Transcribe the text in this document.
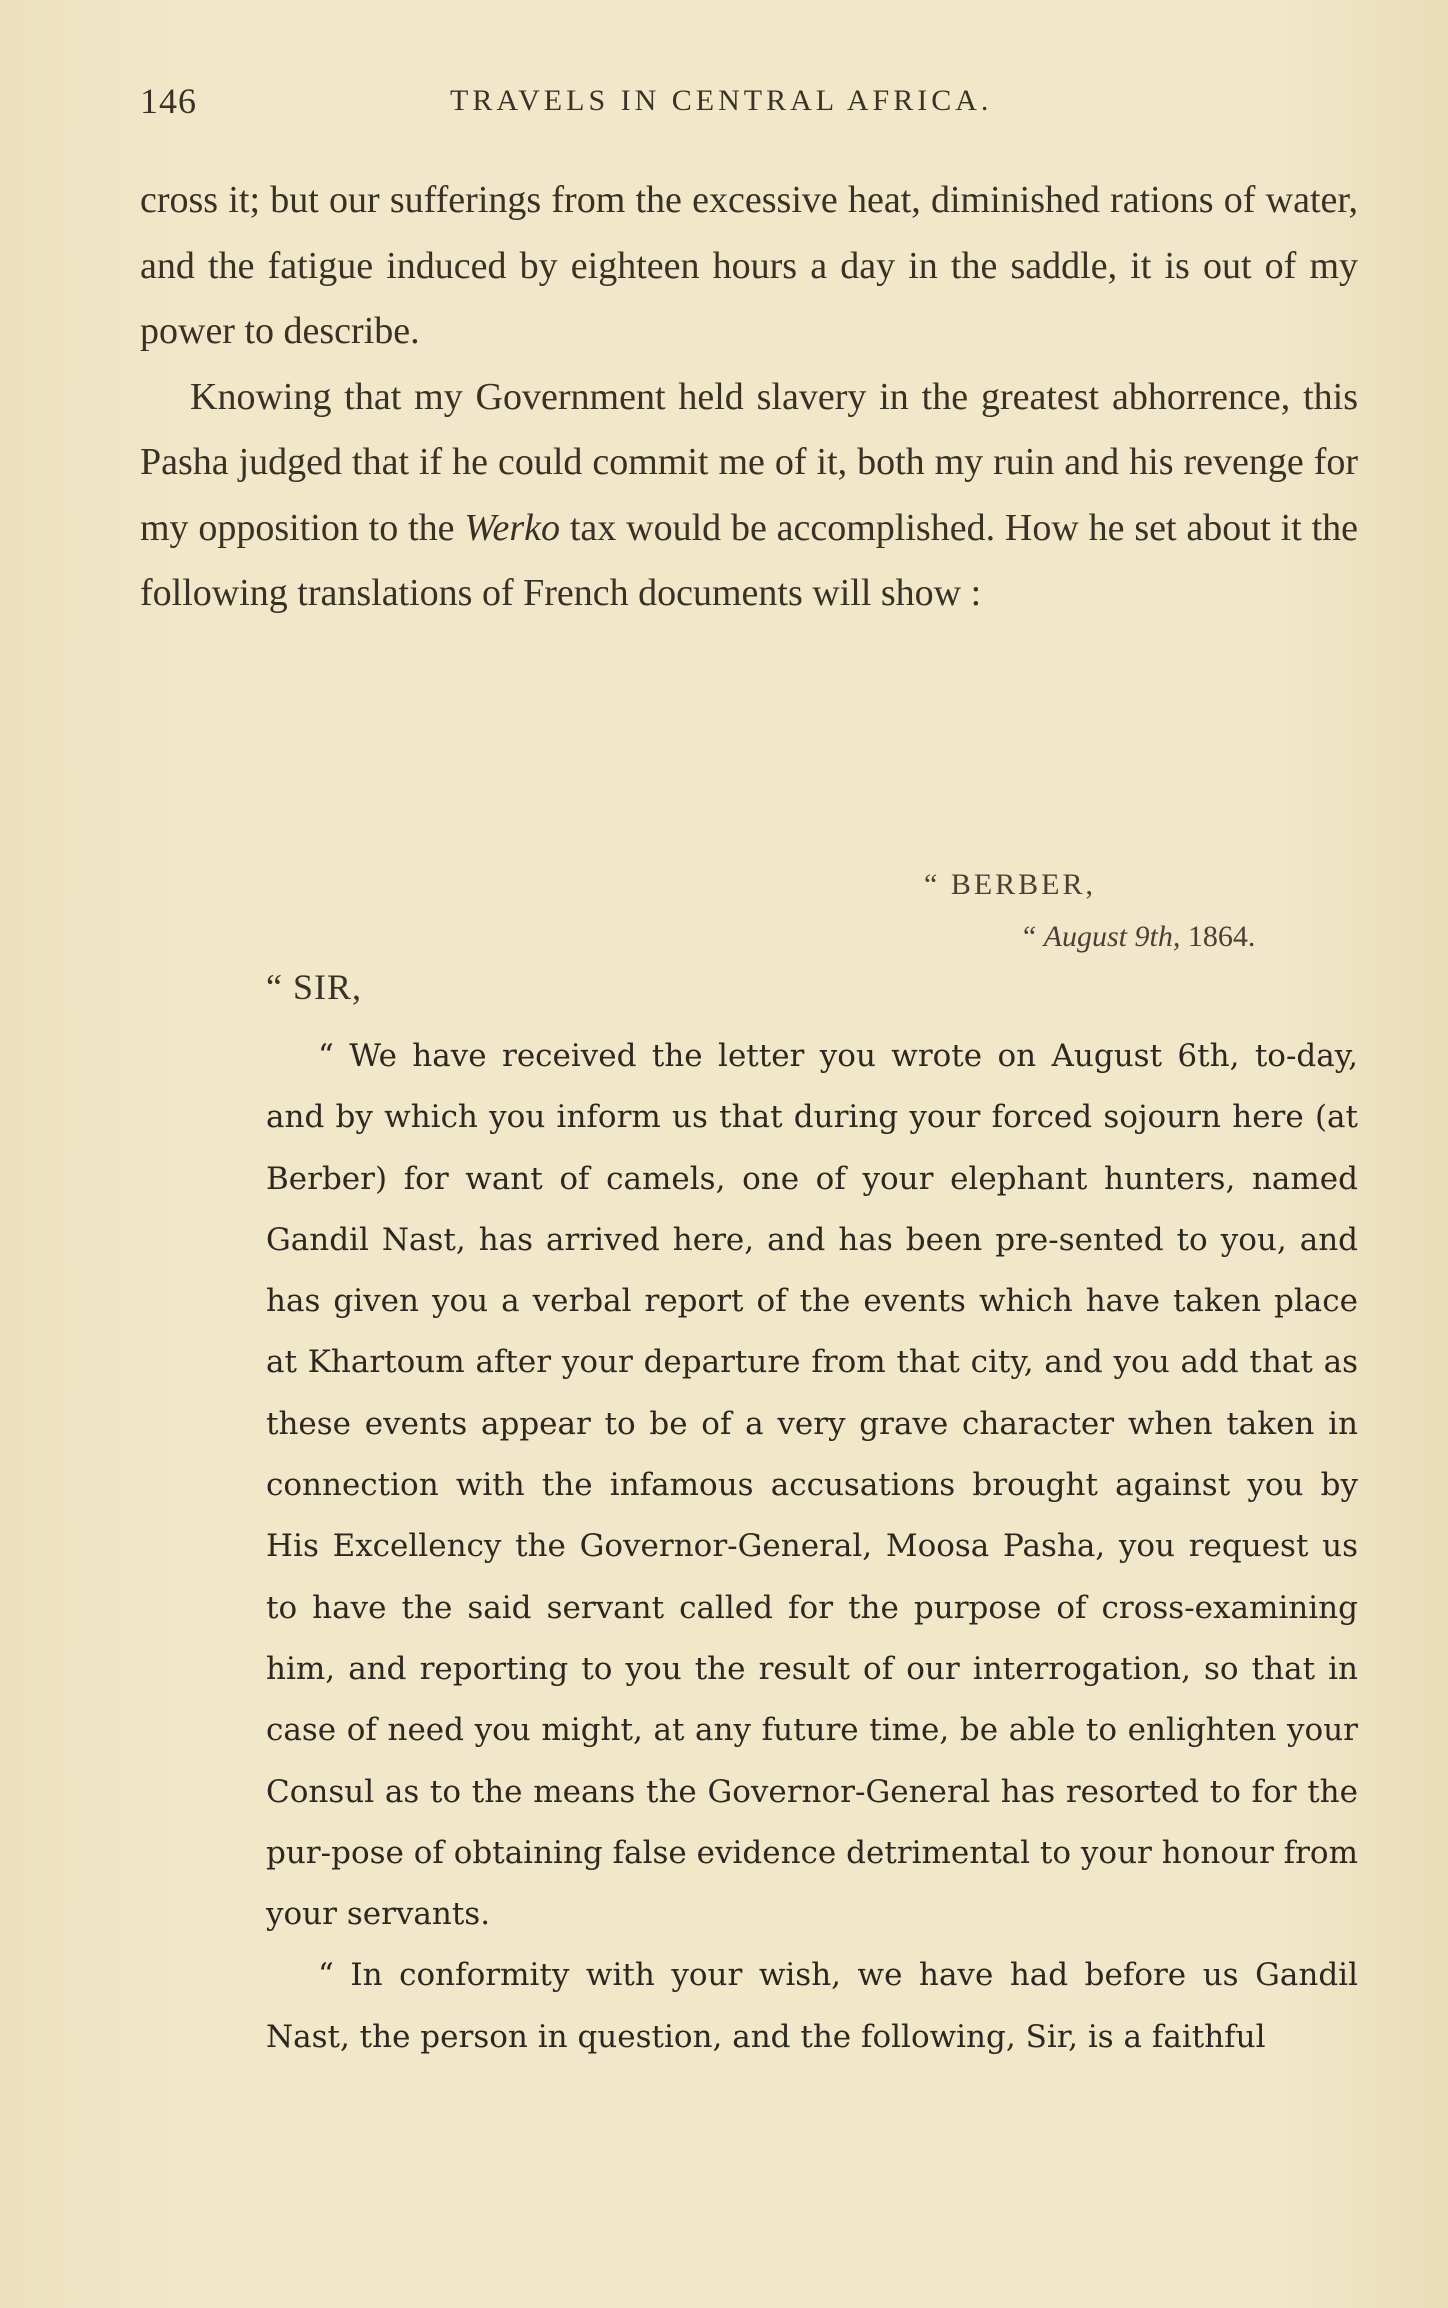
146	TRAVELS IN CENTRAL AFRICA.

cross it; but our sufferings from the excessive heat, diminished rations of water, and the fatigue induced by eighteen hours a day in the saddle, it is out of my power to describe.

Knowing that my Government held slavery in the greatest abhorrence, this Pasha judged that if he could commit me of it, both my ruin and his revenge for my opposition to the Werko tax would be accomplished. How he set about it the following translations of French documents will show :

“ BERBER,
“ August 9th, 1864.
“ SIR,

“ We have received the letter you wrote on August 6th, to-day, and by which you inform us that during your forced sojourn here (at Berber) for want of camels, one of your elephant hunters, named Gandil Nast, has arrived here, and has been pre-sented to you, and has given you a verbal report of the events which have taken place at Khartoum after your departure from that city, and you add that as these events appear to be of a very grave character when taken in connection with the infamous accusations brought against you by His Excellency the Governor-General, Moosa Pasha, you request us to have the said servant called for the purpose of cross-examining him, and reporting to you the result of our interrogation, so that in case of need you might, at any future time, be able to enlighten your Consul as to the means the Governor-General has resorted to for the pur-pose of obtaining false evidence detrimental to your honour from your servants.

“ In conformity with your wish, we have had before us Gandil Nast, the person in question, and the following, Sir, is a faithful
